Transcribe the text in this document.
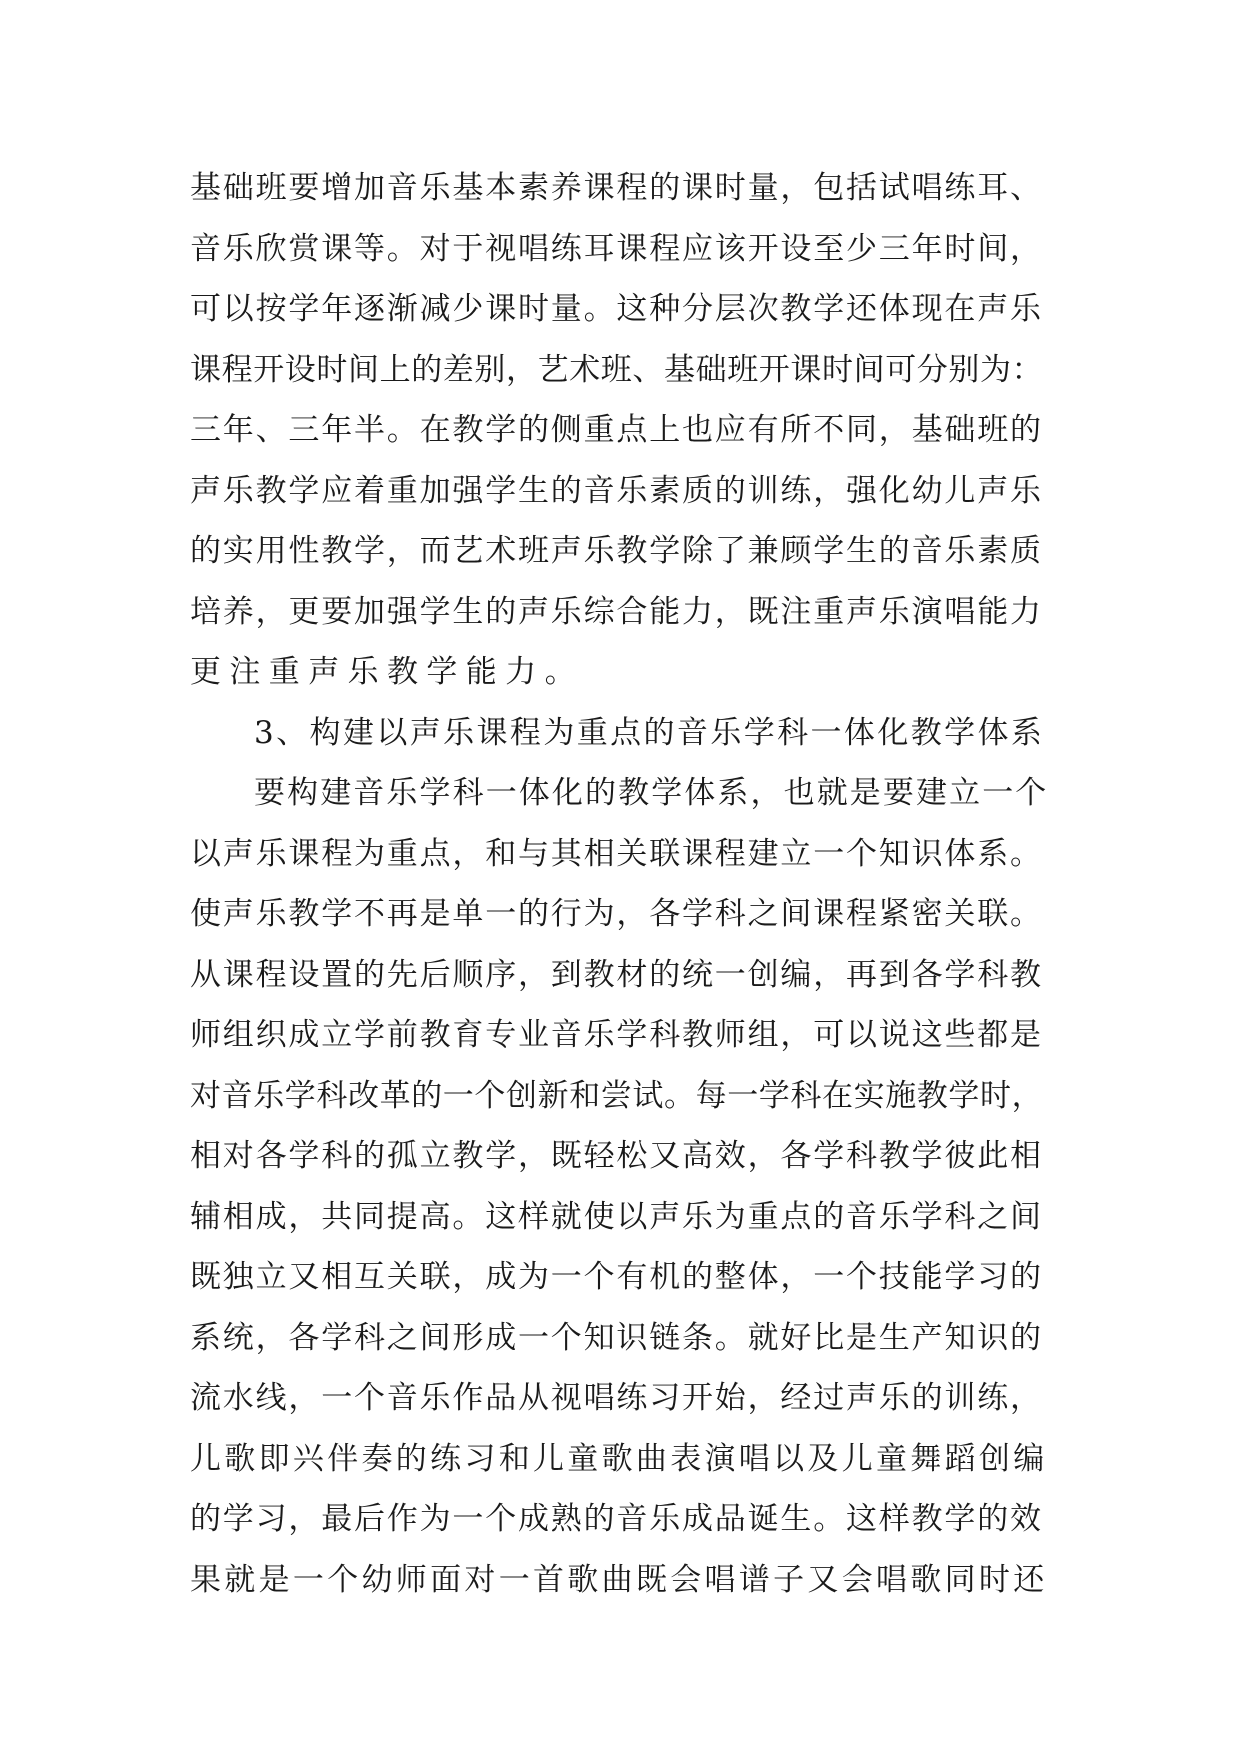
基础班要增加音乐基本素养课程的课时量，包括试唱练耳、
音乐欣赏课等。对于视唱练耳课程应该开设至少三年时间，
可以按学年逐渐减少课时量。这种分层次教学还体现在声乐
课程开设时间上的差别，艺术班、基础班开课时间可分别为：
三年、三年半。在教学的侧重点上也应有所不同，基础班的
声乐教学应着重加强学生的音乐素质的训练，强化幼儿声乐
的实用性教学，而艺术班声乐教学除了兼顾学生的音乐素质
培养，更要加强学生的声乐综合能力，既注重声乐演唱能力
更注重声乐教学能力。
3、构建以声乐课程为重点的音乐学科一体化教学体系
要构建音乐学科一体化的教学体系，也就是要建立一个
以声乐课程为重点，和与其相关联课程建立一个知识体系。
使声乐教学不再是单一的行为，各学科之间课程紧密关联。
从课程设置的先后顺序，到教材的统一创编，再到各学科教
师组织成立学前教育专业音乐学科教师组，可以说这些都是
对音乐学科改革的一个创新和尝试。每一学科在实施教学时，
相对各学科的孤立教学，既轻松又高效，各学科教学彼此相
辅相成，共同提高。这样就使以声乐为重点的音乐学科之间
既独立又相互关联，成为一个有机的整体，一个技能学习的
系统，各学科之间形成一个知识链条。就好比是生产知识的
流水线，一个音乐作品从视唱练习开始，经过声乐的训练，
儿歌即兴伴奏的练习和儿童歌曲表演唱以及儿童舞蹈创编
的学习，最后作为一个成熟的音乐成品诞生。这样教学的效
果就是一个幼师面对一首歌曲既会唱谱子又会唱歌同时还
